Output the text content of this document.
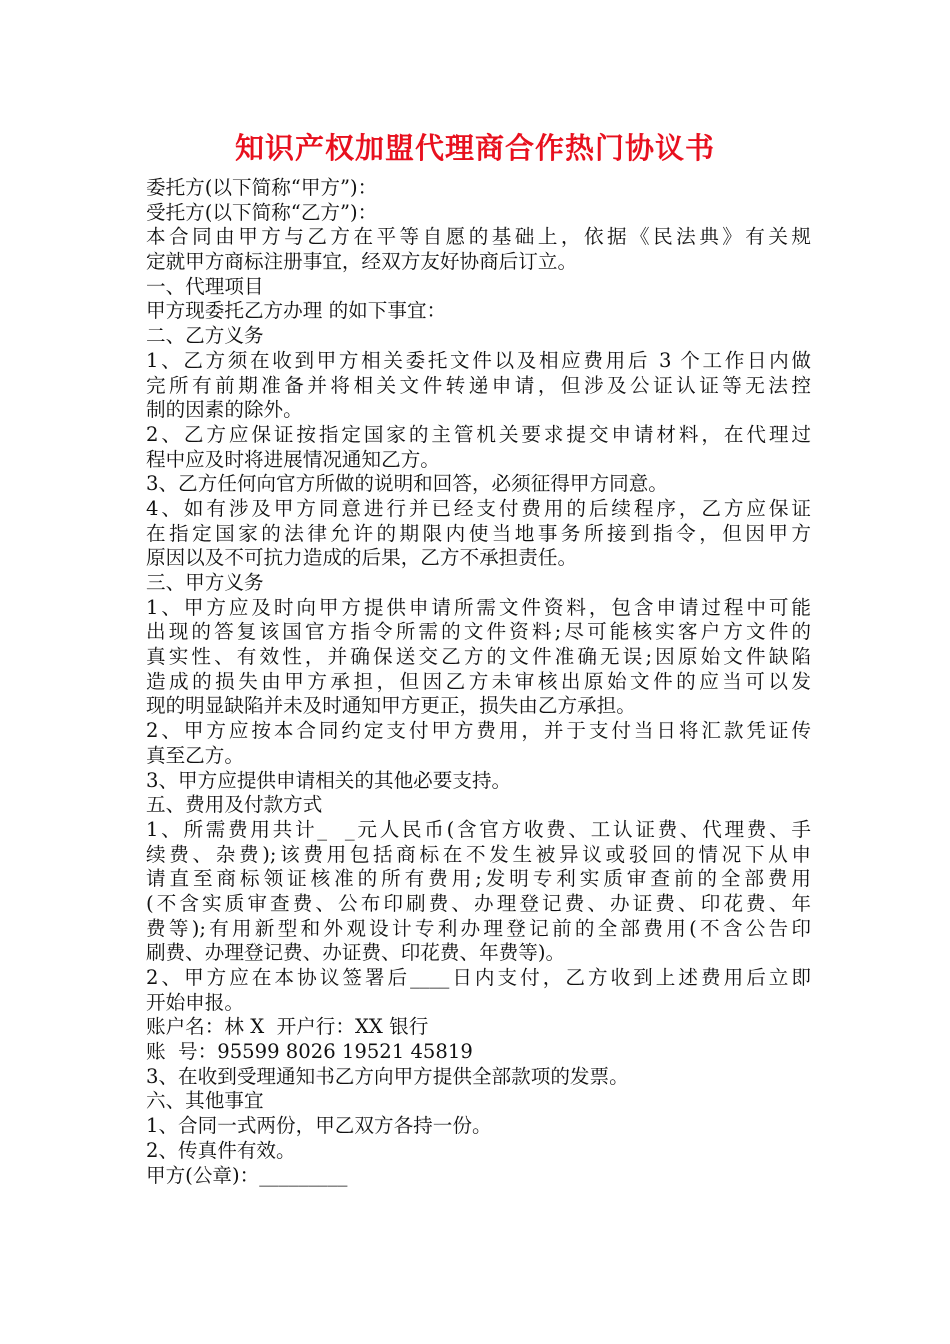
知识产权加盟代理商合作热门协议书
委托方(以下简称“甲方”)：
受托方(以下简称“乙方”)：
本合同由甲方与乙方在平等自愿的基础上，依据《民法典》有关规
定就甲方商标注册事宜，经双方友好协商后订立。
一、代理项目
甲方现委托乙方办理 的如下事宜：
二、乙方义务
1、乙方须在收到甲方相关委托文件以及相应费用后 3 个工作日内做
完所有前期准备并将相关文件转递申请，但涉及公证认证等无法控
制的因素的除外。
2、乙方应保证按指定国家的主管机关要求提交申请材料，在代理过
程中应及时将进展情况通知乙方。
3、乙方任何向官方所做的说明和回答，必须征得甲方同意。
4、如有涉及甲方同意进行并已经支付费用的后续程序，乙方应保证
在指定国家的法律允许的期限内使当地事务所接到指令，但因甲方
原因以及不可抗力造成的后果，乙方不承担责任。
三、甲方义务
1、甲方应及时向甲方提供申请所需文件资料，包含申请过程中可能
出现的答复该国官方指令所需的文件资料;尽可能核实客户方文件的
真实性、有效性，并确保送交乙方的文件准确无误;因原始文件缺陷
造成的损失由甲方承担，但因乙方未审核出原始文件的应当可以发
现的明显缺陷并未及时通知甲方更正，损失由乙方承担。
2、甲方应按本合同约定支付甲方费用，并于支付当日将汇款凭证传
真至乙方。
3、甲方应提供申请相关的其他必要支持。
五、费用及付款方式
1、所需费用共计_  _元人民币(含官方收费、工认证费、代理费、手
续费、杂费);该费用包括商标在不发生被异议或驳回的情况下从申
请直至商标领证核准的所有费用;发明专利实质审查前的全部费用
(不含实质审查费、公布印刷费、办理登记费、办证费、印花费、年
费等);有用新型和外观设计专利办理登记前的全部费用(不含公告印
刷费、办理登记费、办证费、印花费、年费等)。
2、甲方应在本协议签署后____日内支付，乙方收到上述费用后立即
开始申报。
账户名：林 X  开户行：XX 银行
账  号：95599 8026 19521 45819
3、在收到受理通知书乙方向甲方提供全部款项的发票。
六、其他事宜
1、合同一式两份，甲乙双方各持一份。
2、传真件有效。
甲方(公章)：_________
